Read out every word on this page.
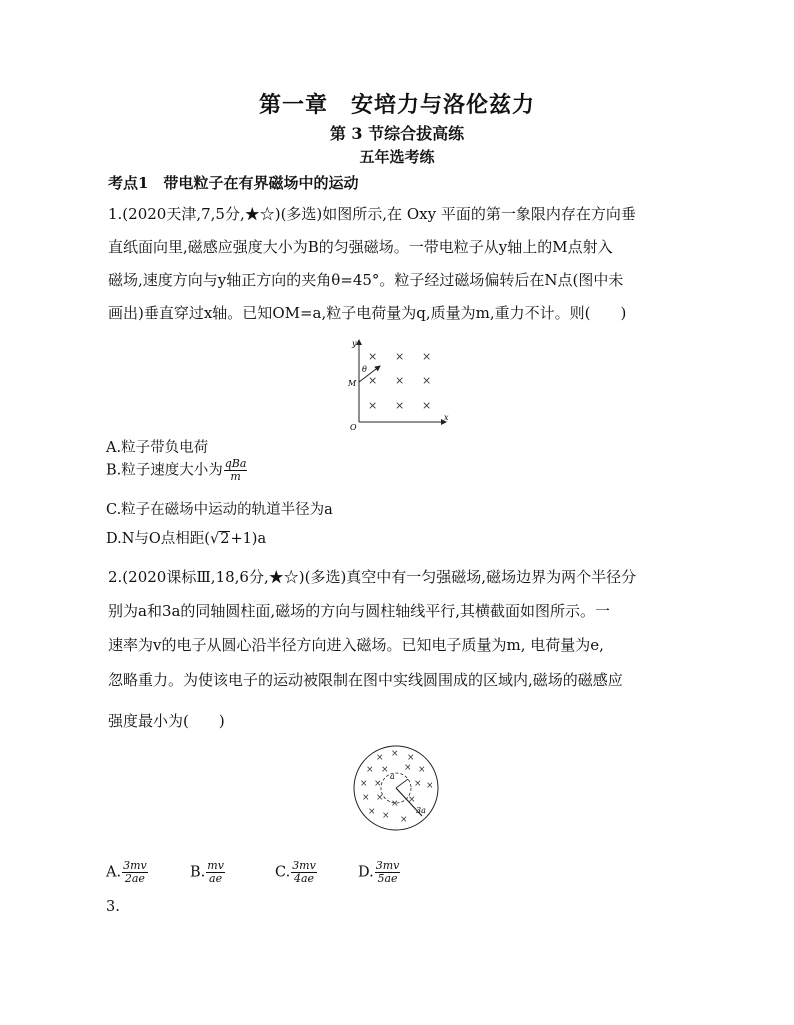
第一章　安培力与洛伦兹力
第 3 节综合拔高练
五年选考练
考点1　带电粒子在有界磁场中的运动
1.(2020天津,7,5分,★☆)(多选)如图所示,在 Oxy 平面的第一象限内存在方向垂
直纸面向里,磁感应强度大小为B的匀强磁场。一带电粒子从y轴上的M点射入
磁场,速度方向与y轴正方向的夹角θ=45°。粒子经过磁场偏转后在N点(图中未
画出)垂直穿过x轴。已知OM=a,粒子电荷量为q,质量为m,重力不计。则(　　)
y
x
O
M
θ
× × ×
× × ×
× × ×
A.粒子带负电荷
B.粒子速度大小为 $\frac{\text{qBa}}{m}$
C.粒子在磁场中运动的轨道半径为a
D.N与O点相距(√2+1)a
2.(2020课标Ⅲ,18,6分,★☆)(多选)真空中有一匀强磁场,磁场边界为两个半径分
别为a和3a的同轴圆柱面,磁场的方向与圆柱轴线平行,其横截面如图所示。一
速率为v的电子从圆心沿半径方向进入磁场。已知电子质量为m, 电荷量为e,
忽略重力。为使该电子的运动被限制在图中实线圆围成的区域内,磁场的磁感应
强度最小为(　　)
a
3a
× × ×
× × × ×
× ×	× ×
× ×
× ×
× × ×
A. $\frac{3mv}{2ae}$	B. $\frac{mv}{ae}$	C. $\frac{3mv}{4ae}$	D. $\frac{3mv}{5ae}$
3.
